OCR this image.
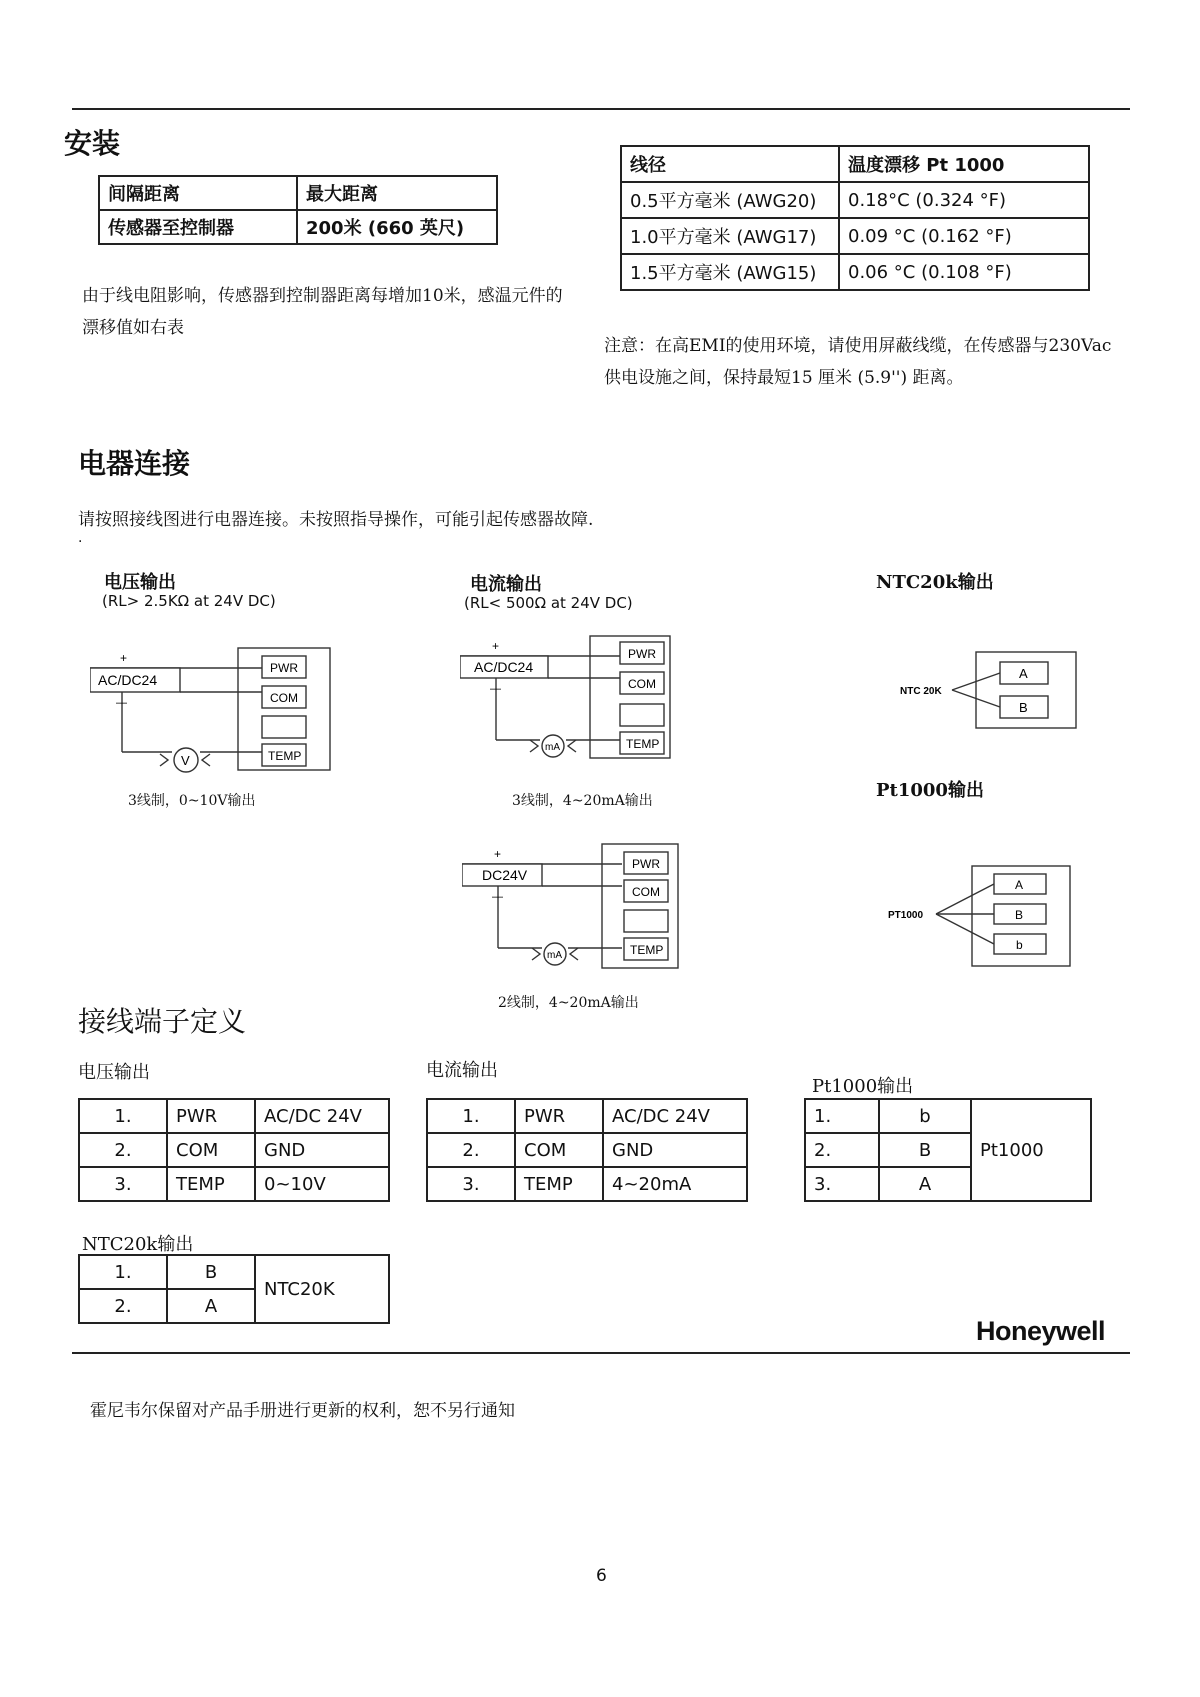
安装
间隔距离	最大距离
传感器至控制器	200米 (660 英尺)
由于线电阻影响，传感器到控制器距离每增加10米，感温元件的漂移值如右表
线径	温度漂移 Pt 1000
0.5平方毫米 (AWG20)	0.18°C (0.324 °F)
1.0平方毫米 (AWG17)	0.09 °C (0.162 °F)
1.5平方毫米 (AWG15)	0.06 °C (0.108 °F)
注意：在高EMI的使用环境，请使用屏蔽线缆，在传感器与230Vac供电设施之间，保持最短15 厘米 (5.9'') 距离。
电器连接
请按照接线图进行电器连接。未按照指导操作，可能引起传感器故障.
.
电压输出
(RL> 2.5KΩ at 24V DC)
AC/DC24
PWR
COM
TEMP
V
+
—
3线制，0~10V输出
电流输出
(RL< 500Ω at 24V DC)
AC/DC24
PWR
COM
TEMP
mA
+
—
3线制，4~20mA输出
DC24V
PWR
COM
TEMP
mA
+
—
2线制，4~20mA输出
NTC20k输出
NTC 20K
A
B
Pt1000输出
PT1000
A
B
b
接线端子定义
电压输出
1.	PWR	AC/DC 24V
2.	COM	GND
3.	TEMP	0~10V
电流输出
1.	PWR	AC/DC 24V
2.	COM	GND
3.	TEMP	4~20mA
Pt1000输出
1.	b	Pt1000
2.	B	
3.	A	
NTC20k输出
1.	B	NTC20K
2.	A	
Honeywell
霍尼韦尔保留对产品手册进行更新的权利，恕不另行通知
6
